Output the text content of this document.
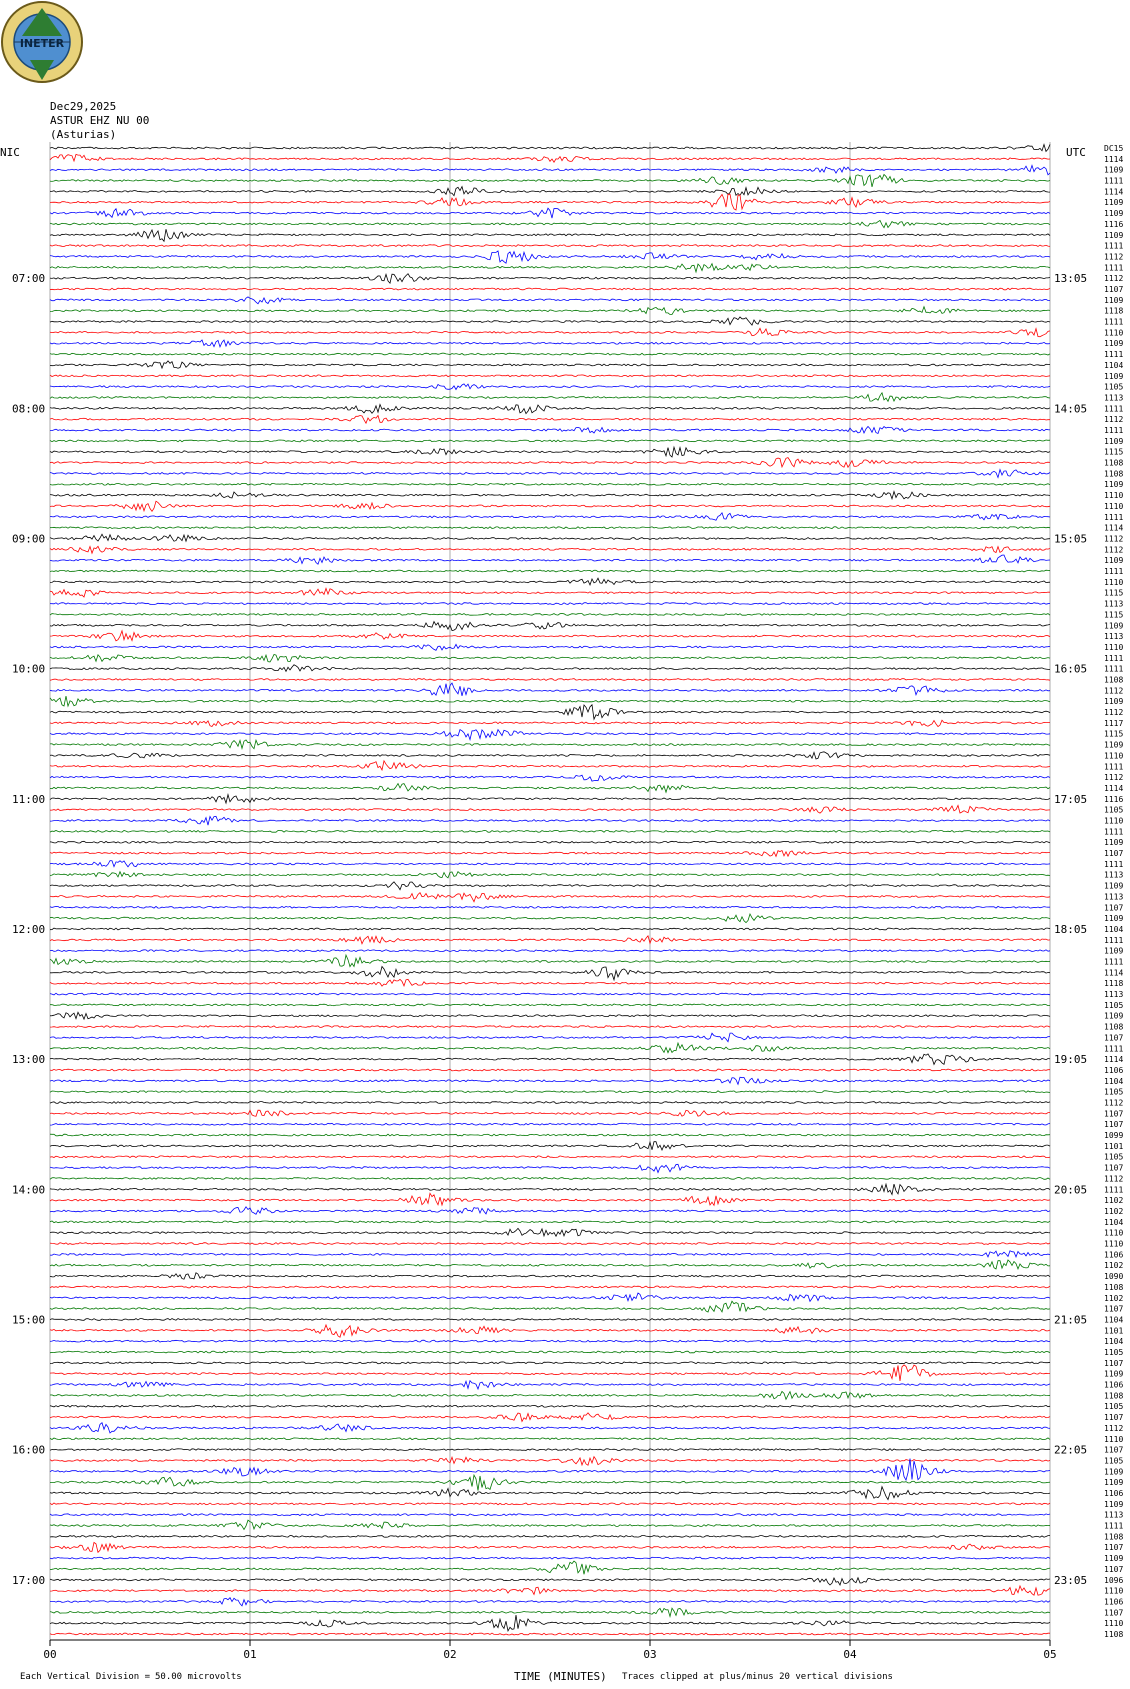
INETER
Dec29,2025
ASTUR EHZ NU 00
(Asturias)
00	01	02	03	04	05
07:00	13:05
08:00	14:05
09:00	15:05
10:00	16:05
11:00	17:05
12:00	18:05
13:00	19:05
14:00	20:05
15:00	21:05
16:00	22:05
17:00	23:05
DC15
1114
1109
1111
1114
1109
1109
1116
1109
1111
1112
1111
1112
1107
1109
1118
1111
1110
1109
1111
1104
1109
1105
1113
1111
1112
1111
1109
1115
1108
1108
1109
1110
1110
1111
1114
1112
1112
1109
1111
1110
1115
1113
1115
1109
1113
1110
1111
1111
1108
1112
1109
1112
1117
1115
1109
1110
1111
1112
1114
1116
1105
1110
1111
1109
1107
1111
1113
1109
1113
1107
1109
1104
1111
1109
1111
1114
1118
1113
1105
1109
1108
1107
1111
1114
1106
1104
1105
1112
1107
1107
1099
1101
1105
1107
1112
1111
1102
1102
1104
1110
1110
1106
1102
1090
1108
1102
1107
1104
1101
1104
1105
1107
1109
1106
1108
1105
1107
1112
1110
1107
1105
1109
1109
1106
1109
1113
1111
1108
1107
1109
1107
1096
1110
1106
1107
1110
1108
NIC	UTC
Each Vertical Division = 50.00 microvolts	TIME (MINUTES) Traces clipped at plus/minus 20 vertical divisions
